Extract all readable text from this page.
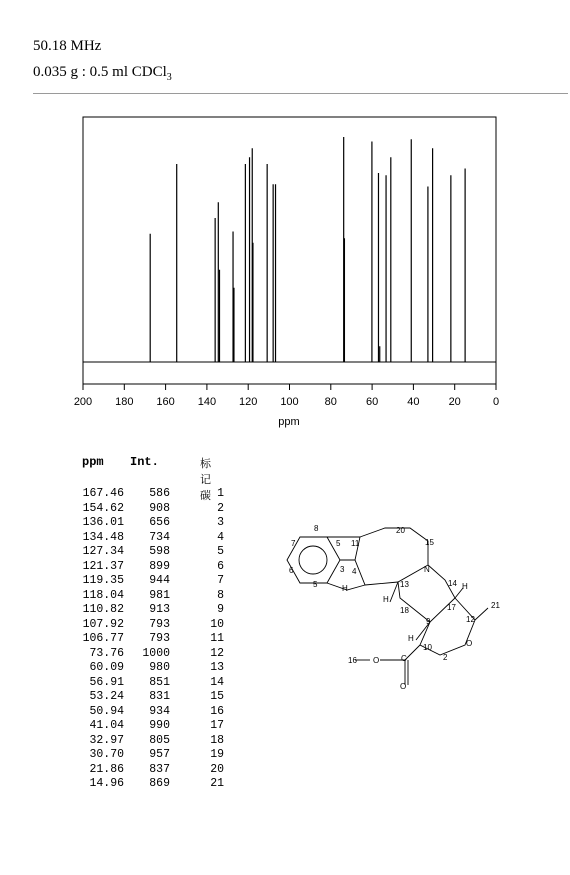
50.18 MHz
0.035 g : 0.5 ml CDCl$_3$
200 180 160 140 120 100 80	60	40	20	0
ppm
ppm Int.	标记碳
167.46	586	1
154.62	908	2
136.01	656	3
134.48	734	4
127.34	598	5
121.37	899	6
119.35	944	7
118.04	981	8
110.82	913	9
107.92	793	10
106.77	793	11
73.76	1000	12
60.09	980	13
56.91	851	14
53.24	831	15
50.94	934	16
41.04	990	17
32.97	805	18
30.70	957	19
21.86	837	20
14.96	869	21
8
7
6
5
5
3
H
11
4
13
20
15
N
14
H
18	17
H
12
21
9
H
10
2
O
16 O	C
O
